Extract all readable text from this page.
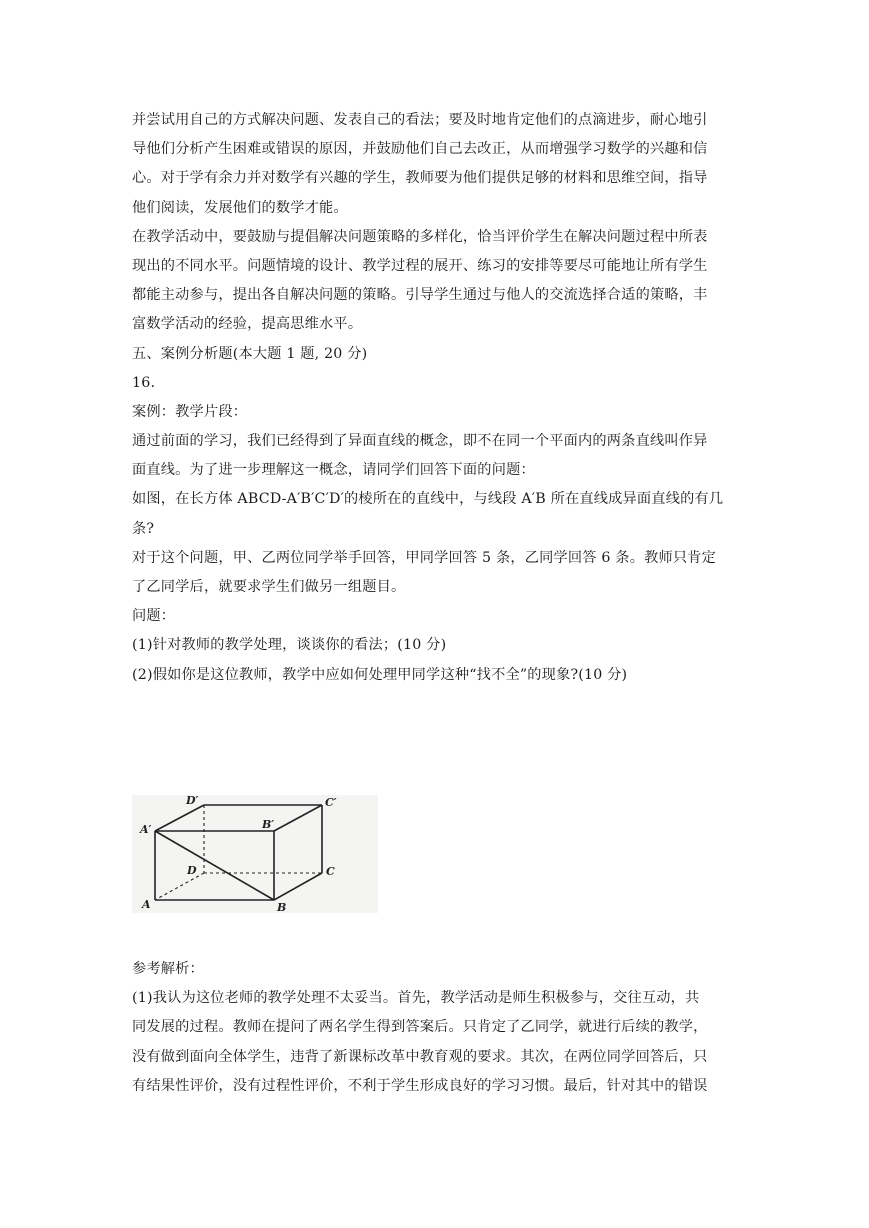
并尝试用自己的方式解决问题、发表自己的看法；要及时地肯定他们的点滴进步，耐心地引
导他们分析产生困难或错误的原因，并鼓励他们自己去改正，从而增强学习数学的兴趣和信
心。对于学有余力并对数学有兴趣的学生，教师要为他们提供足够的材料和思维空间，指导
他们阅读，发展他们的数学才能。
在教学活动中，要鼓励与提倡解决问题策略的多样化，恰当评价学生在解决问题过程中所表
现出的不同水平。问题情境的设计、教学过程的展开、练习的安排等要尽可能地让所有学生
都能主动参与，提出各自解决问题的策略。引导学生通过与他人的交流选择合适的策略，丰
富数学活动的经验，提高思维水平。
五、案例分析题(本大题 1 题, 20 分)
16.
案例：教学片段：
通过前面的学习，我们已经得到了异面直线的概念，即不在同一个平面内的两条直线叫作异
面直线。为了进一步理解这一概念，请同学们回答下面的问题：
如图，在长方体 ABCD-A′B′C′D′的棱所在的直线中，与线段 A′B 所在直线成异面直线的有几
条?
对于这个问题，甲、乙两位同学举手回答，甲同学回答 5 条，乙同学回答 6 条。教师只肯定
了乙同学后，就要求学生们做另一组题目。
问题：
(1)针对教师的教学处理，谈谈你的看法；(10 分)
(2)假如你是这位教师，教学中应如何处理甲同学这种“找不全”的现象?(10 分)
D′	C′
A′	B′
D	C
A	B
参考解析：
(1)我认为这位老师的教学处理不太妥当。首先，教学活动是师生积极参与，交往互动，共
同发展的过程。教师在提问了两名学生得到答案后。只肯定了乙同学，就进行后续的教学，
没有做到面向全体学生，违背了新课标改革中教育观的要求。其次，在两位同学回答后，只
有结果性评价，没有过程性评价，不利于学生形成良好的学习习惯。最后，针对其中的错误
